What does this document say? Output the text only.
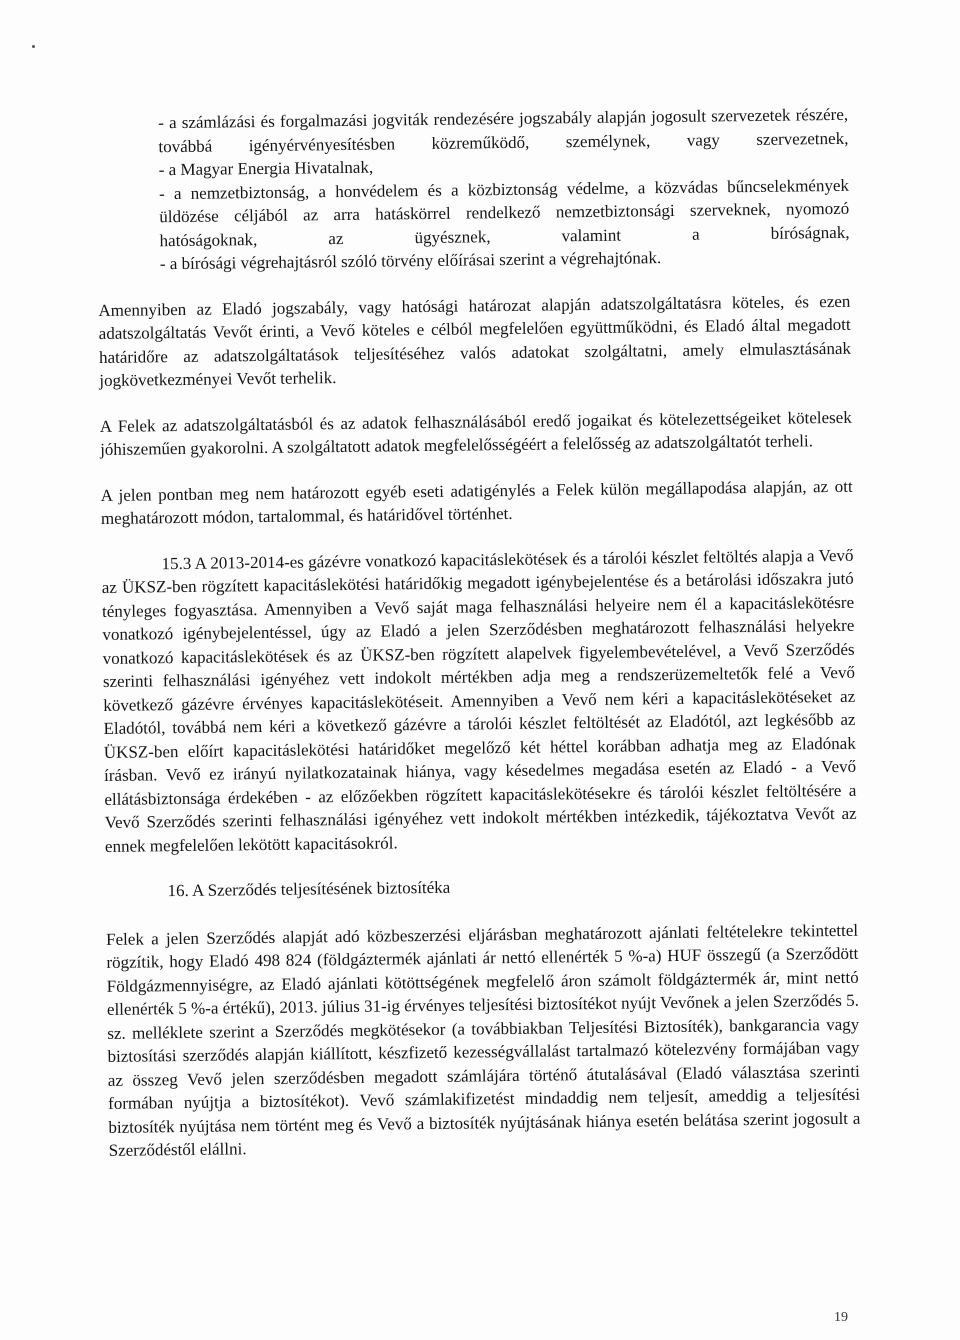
- a számlázási és forgalmazási jogviták rendezésére jogszabály alapján jogosult szervezetek részére, továbbá igényérvényesítésben közreműködő, személynek, vagy szervezetnek,

- a Magyar Energia Hivatalnak,

- a nemzetbiztonság, a honvédelem és a közbiztonság védelme, a közvádas bűncselekmények üldözése céljából az arra hatáskörrel rendelkező nemzetbiztonsági szerveknek, nyomozó hatóságoknak, az ügyésznek, valamint a bíróságnak,

- a bírósági végrehajtásról szóló törvény előírásai szerint a végrehajtónak.

Amennyiben az Eladó jogszabály, vagy hatósági határozat alapján adatszolgáltatásra köteles, és ezen adatszolgáltatás Vevőt érinti, a Vevő köteles e célból megfelelően együttműködni, és Eladó által megadott határidőre az adatszolgáltatások teljesítéséhez valós adatokat szolgáltatni, amely elmulasztásának jogkövetkezményei Vevőt terhelik.

A Felek az adatszolgáltatásból és az adatok felhasználásából eredő jogaikat és kötelezettségeiket kötelesek jóhiszeműen gyakorolni. A szolgáltatott adatok megfelelősségéért a felelősség az adatszolgáltatót terheli.

A jelen pontban meg nem határozott egyéb eseti adatigénylés a Felek külön megállapodása alapján, az ott meghatározott módon, tartalommal, és határidővel történhet.

15.3 A 2013-2014-es gázévre vonatkozó kapacitáslekötések és a tárolói készlet feltöltés alapja a Vevő az ÜKSZ-ben rögzített kapacitáslekötési határidőkig megadott igénybejelentése és a betárolási időszakra jutó tényleges fogyasztása. Amennyiben a Vevő saját maga felhasználási helyeire nem él a kapacitáslekötésre vonatkozó igénybejelentéssel, úgy az Eladó a jelen Szerződésben meghatározott felhasználási helyekre vonatkozó kapacitáslekötések és az ÜKSZ-ben rögzített alapelvek figyelembevételével, a Vevő Szerződés szerinti felhasználási igényéhez vett indokolt mértékben adja meg a rendszerüzemeltetők felé a Vevő következő gázévre érvényes kapacitáslekötéseit. Amennyiben a Vevő nem kéri a kapacitáslekötéseket az Eladótól, továbbá nem kéri a következő gázévre a tárolói készlet feltöltését az Eladótól, azt legkésőbb az ÜKSZ-ben előírt kapacitáslekötési határidőket megelőző két héttel korábban adhatja meg az Eladónak írásban. Vevő ez irányú nyilatkozatainak hiánya, vagy késedelmes megadása esetén az Eladó - a Vevő ellátásbiztonsága érdekében - az előzőekben rögzített kapacitáslekötésekre és tárolói készlet feltöltésére a Vevő Szerződés szerinti felhasználási igényéhez vett indokolt mértékben intézkedik, tájékoztatva Vevőt az ennek megfelelően lekötött kapacitásokról.

16. A Szerződés teljesítésének biztosítéka

Felek a jelen Szerződés alapját adó közbeszerzési eljárásban meghatározott ajánlati feltételekre tekintettel rögzítik, hogy Eladó 498 824 (földgáztermék ajánlati ár nettó ellenérték 5 %-a) HUF összegű (a Szerződött Földgázmennyiségre, az Eladó ajánlati kötöttségének megfelelő áron számolt földgáztermék ár, mint nettó ellenérték 5 %-a értékű), 2013. július 31-ig érvényes teljesítési biztosítékot nyújt Vevőnek a jelen Szerződés 5. sz. melléklete szerint a Szerződés megkötésekor (a továbbiakban Teljesítési Biztosíték), bankgarancia vagy biztosítási szerződés alapján kiállított, készfizető kezességvállalást tartalmazó kötelezvény formájában vagy az összeg Vevő jelen szerződésben megadott számlájára történő átutalásával (Eladó választása szerinti formában nyújtja a biztosítékot). Vevő számlakifizetést mindaddig nem teljesít, ameddig a teljesítési biztosíték nyújtása nem történt meg és Vevő a biztosíték nyújtásának hiánya esetén belátása szerint jogosult a Szerződéstől elállni.

19
